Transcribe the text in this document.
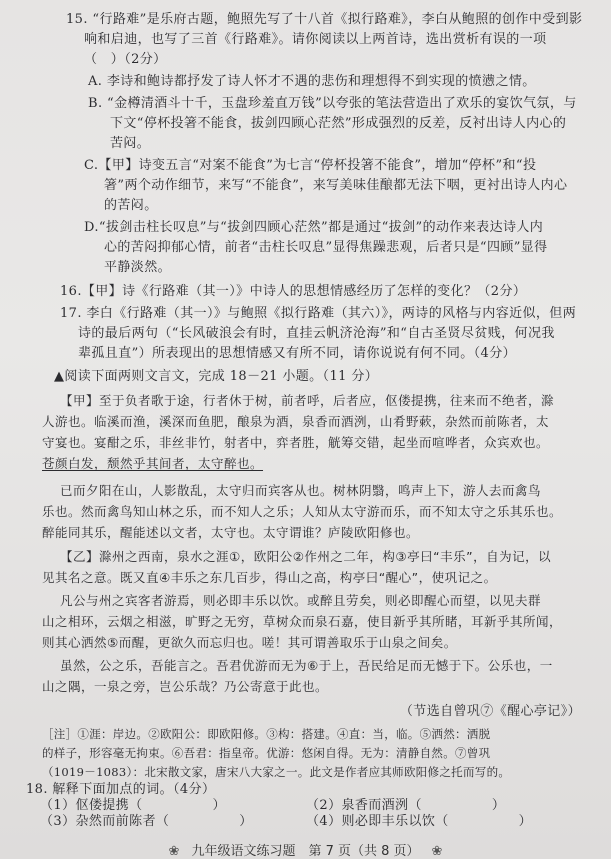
15. “行路难”是乐府古题，鲍照先写了十八首《拟行路难》，李白从鲍照的创作中受到影
响和启迪，也写了三首《行路难》。请你阅读以上两首诗，选出赏析有误的一项
（　）（2分）
A. 李诗和鲍诗都抒发了诗人怀才不遇的悲伤和理想得不到实现的愤懑之情。
B. “金樽清酒斗十千，玉盘珍羞直万钱”以夸张的笔法营造出了欢乐的宴饮气氛，与
下文“停杯投箸不能食，拔剑四顾心茫然”形成强烈的反差，反衬出诗人内心的
苦闷。
C.【甲】诗变五言“对案不能食”为七言“停杯投箸不能食”，增加“停杯”和“投
箸”两个动作细节，来写“不能食”，来写美味佳酿都无法下咽，更衬出诗人内心
的苦闷。
D.“拔剑击柱长叹息”与“拔剑四顾心茫然”都是通过“拔剑”的动作来表达诗人内
心的苦闷抑郁心情，前者“击柱长叹息”显得焦躁悲观，后者只是“四顾”显得
平静淡然。
16.【甲】诗《行路难（其一）》中诗人的思想情感经历了怎样的变化？（2分）
17. 李白《行路难（其一）》与鲍照《拟行路难（其六）》，两诗的风格与内容近似，但两
诗的最后两句（“长风破浪会有时，直挂云帆济沧海”和“自古圣贤尽贫贱，何况我
辈孤且直”）所表现出的思想情感又有所不同，请你说说有何不同。（4分）
▲阅读下面两则文言文，完成 18－21 小题。（11 分）
【甲】至于负者歌于途，行者休于树，前者呼，后者应，伛偻提携，往来而不绝者，滁
人游也。临溪而渔，溪深而鱼肥，酿泉为酒，泉香而酒洌，山肴野蔌，杂然而前陈者，太
守宴也。宴酣之乐，非丝非竹，射者中，弈者胜，觥筹交错，起坐而喧哗者，众宾欢也。
苍颜白发，颓然乎其间者，太守醉也。
已而夕阳在山，人影散乱，太守归而宾客从也。树林阴翳，鸣声上下，游人去而禽鸟
乐也。然而禽鸟知山林之乐，而不知人之乐；人知从太守游而乐，而不知太守之乐其乐也。
醉能同其乐，醒能述以文者，太守也。太守谓谁？庐陵欧阳修也。
【乙】滁州之西南，泉水之涯①，欧阳公②作州之二年，构③亭曰“丰乐”，自为记，以
见其名之意。既又直④丰乐之东几百步，得山之高，构亭曰“醒心”，使巩记之。
凡公与州之宾客者游焉，则必即丰乐以饮。或醉且劳矣，则必即醒心而望，以见夫群
山之相环，云烟之相滋，旷野之无穷，草树众而泉石嘉，使目新乎其所睹，耳新乎其所闻，
则其心洒然⑤而醒，更欲久而忘归也。嗟！其可谓善取乐于山泉之间矣。
虽然，公之乐，吾能言之。吾君优游而无为⑥于上，吾民给足而无憾于下。公乐也，一
山之隅，一泉之旁，岂公乐哉？乃公寄意于此也。
（节选自曾巩⑦《醒心亭记》）
［注］①涯：岸边。②欧阳公：即欧阳修。③构：搭建。④直：当，临。⑤洒然：洒脱
的样子，形容毫无拘束。⑥吾君：指皇帝。优游：悠闲自得。无为：清静自然。⑦曾巩
（1019－1083）：北宋散文家，唐宋八大家之一。此文是作者应其师欧阳修之托而写的。
18. 解释下面加点的词。（4分）
（1）伛偻提携（	）	（2）泉香而酒洌（	）
❀ 九年级语文练习题　第 7 页（共 8 页） ❀
（3）杂然而前陈者（	）	（4）则必即丰乐以饮（	）
